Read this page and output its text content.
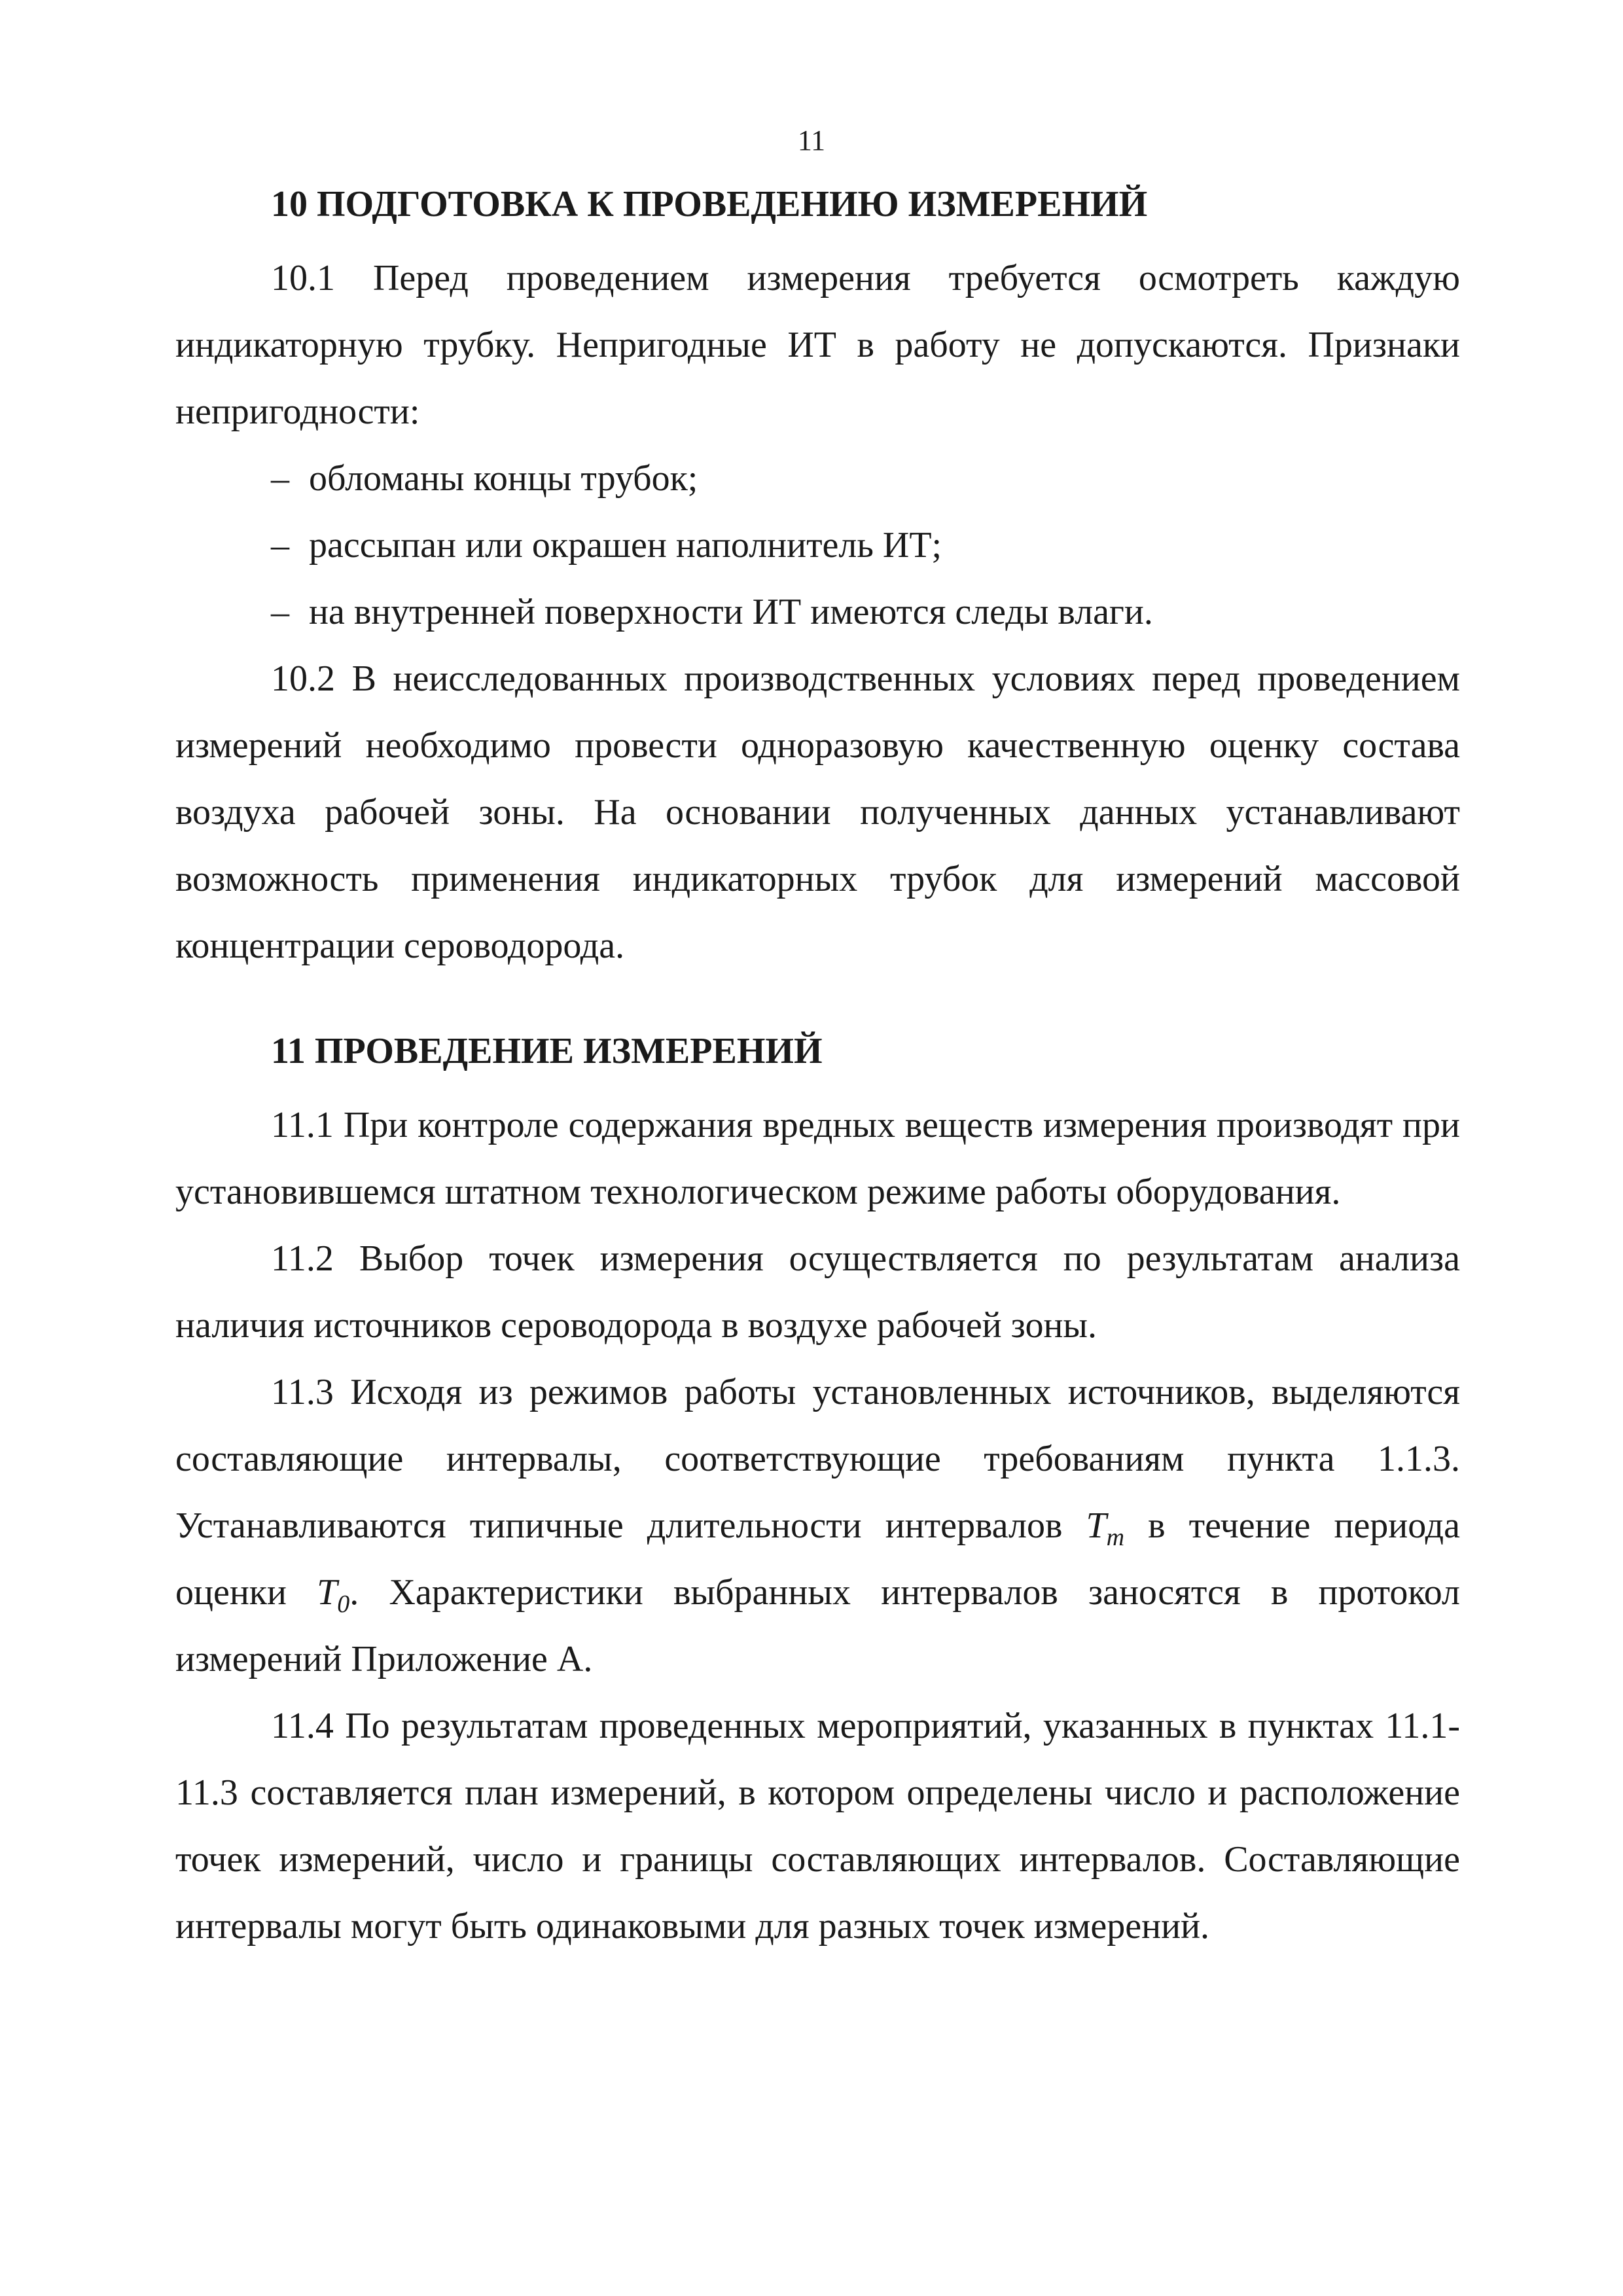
11
10 ПОДГОТОВКА К ПРОВЕДЕНИЮ ИЗМЕРЕНИЙ

10.1 Перед проведением измерения требуется осмотреть каждую индикаторную трубку. Непригодные ИТ в работу не допускаются. Признаки непригодности:

– обломаны концы трубок;
– рассыпан или окрашен наполнитель ИТ;
– на внутренней поверхности ИТ имеются следы влаги.

10.2 В неисследованных производственных условиях перед проведением измерений необходимо провести одноразовую качественную оценку состава воздуха рабочей зоны. На основании полученных данных устанавливают возможность применения индикаторных трубок для измерений массовой концентрации сероводорода.

11 ПРОВЕДЕНИЕ ИЗМЕРЕНИЙ

11.1 При контроле содержания вредных веществ измерения производят при установившемся штатном технологическом режиме работы оборудования.

11.2 Выбор точек измерения осуществляется по результатам анализа наличия источников сероводорода в воздухе рабочей зоны.

11.3 Исходя из режимов работы установленных источников, выделяются составляющие интервалы, соответствующие требованиям пункта 1.1.3. Устанавливаются типичные длительности интервалов $T_m$ в течение периода оценки $T_0$. Характеристики выбранных интервалов заносятся в протокол измерений Приложение А.

11.4 По результатам проведенных мероприятий, указанных в пунктах 11.1-11.3 составляется план измерений, в котором определены число и расположение точек измерений, число и границы составляющих интервалов. Составляющие интервалы могут быть одинаковыми для разных точек измерений.
